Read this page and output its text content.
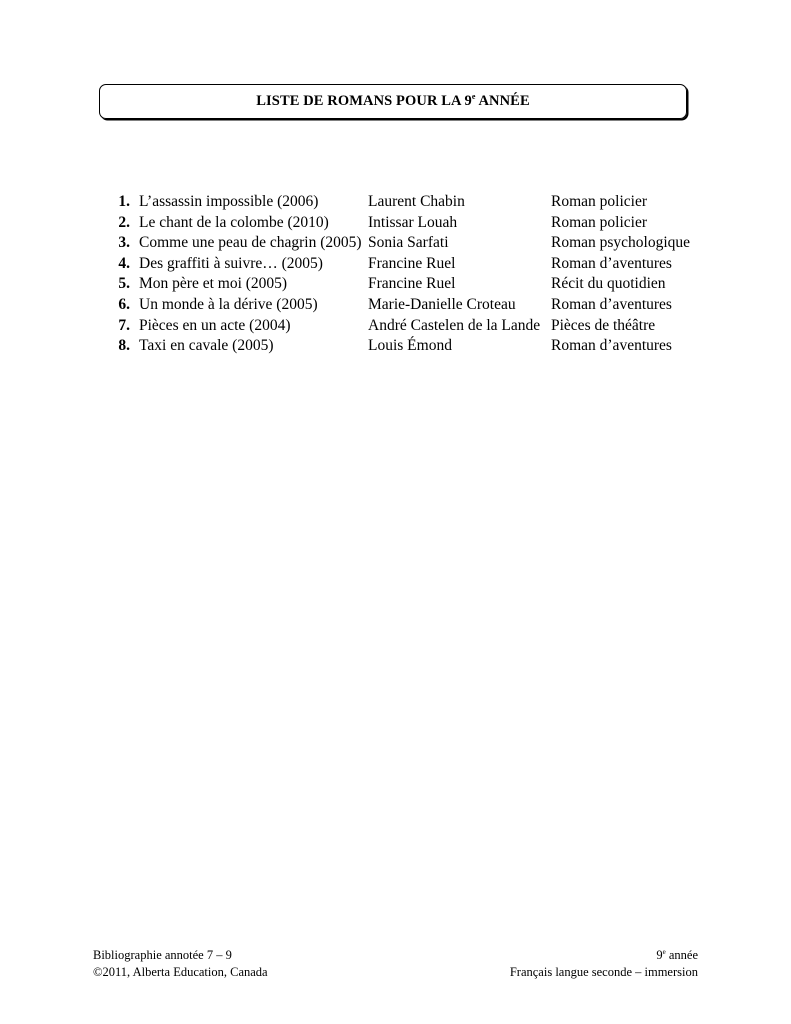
LISTE DE ROMANS POUR LA 9e ANNÉE
1. L’assassin impossible (2006)	Laurent Chabin	Roman policier
2. Le chant de la colombe (2010)	Intissar Louah	Roman policier
3. Comme une peau de chagrin (2005) Sonia Sarfati	Roman psychologique
4. Des graffiti à suivre… (2005)	Francine Ruel	Roman d’aventures
5. Mon père et moi (2005)	Francine Ruel	Récit du quotidien
6. Un monde à la dérive (2005)	Marie-Danielle Croteau Roman d’aventures
7. Pièces en un acte (2004)	André Castelen de la Lande Pièces de théâtre
8. Taxi en cavale (2005)	Louis Émond	Roman d’aventures
Bibliographie annotée 7 – 9
©2011, Alberta Education, Canada
9e année
Français langue seconde – immersion
